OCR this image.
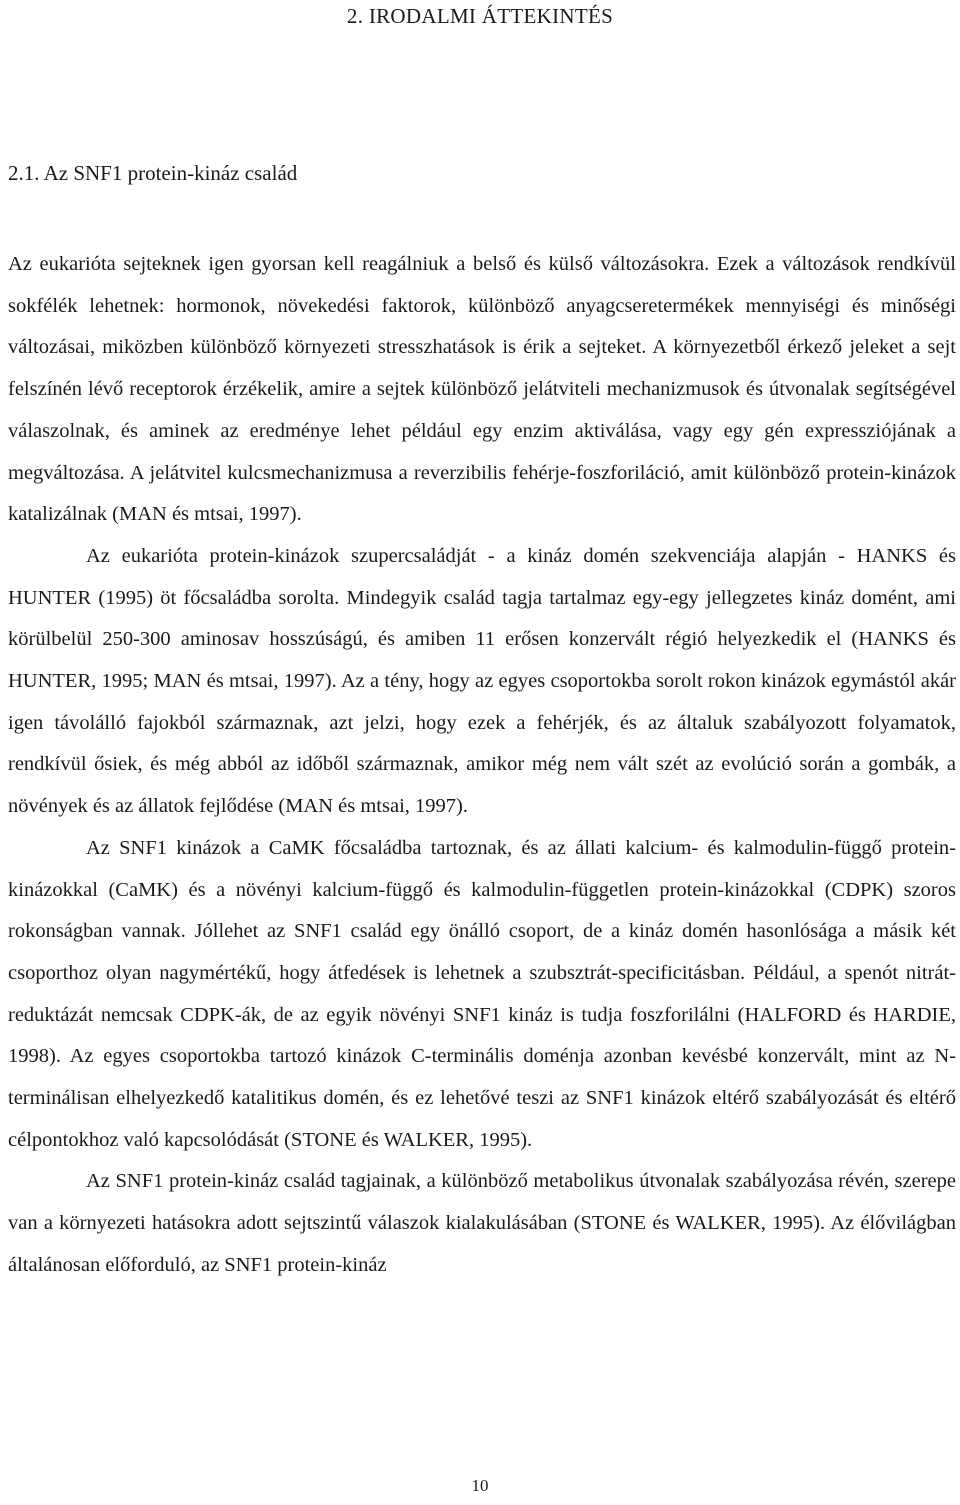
2. IRODALMI ÁTTEKINTÉS
2.1. Az SNF1 protein-kináz család

Az eukarióta sejteknek igen gyorsan kell reagálniuk a belső és külső változásokra. Ezek a változások rendkívül sokfélék lehetnek: hormonok, növekedési faktorok, különböző anyagcseretermékek mennyiségi és minőségi változásai, miközben különböző környezeti stresszhatások is érik a sejteket. A környezetből érkező jeleket a sejt felszínén lévő receptorok érzékelik, amire a sejtek különböző jelátviteli mechanizmusok és útvonalak segítségével válaszolnak, és aminek az eredménye lehet például egy enzim aktiválása, vagy egy gén expressziójának a megváltozása. A jelátvitel kulcsmechanizmusa a reverzibilis fehérje-foszforiláció, amit különböző protein-kinázok katalizálnak (MAN és mtsai, 1997).

Az eukarióta protein-kinázok szupercsaládját - a kináz domén szekvenciája alapján - HANKS és HUNTER (1995) öt főcsaládba sorolta. Mindegyik család tagja tartalmaz egy-egy jellegzetes kináz domént, ami körülbelül 250-300 aminosav hosszúságú, és amiben 11 erősen konzervált régió helyezkedik el (HANKS és HUNTER, 1995; MAN és mtsai, 1997). Az a tény, hogy az egyes csoportokba sorolt rokon kinázok egymástól akár igen távolálló fajokból származnak, azt jelzi, hogy ezek a fehérjék, és az általuk szabályozott folyamatok, rendkívül ősiek, és még abból az időből származnak, amikor még nem vált szét az evolúció során a gombák, a növények és az állatok fejlődése (MAN és mtsai, 1997).

Az SNF1 kinázok a CaMK főcsaládba tartoznak, és az állati kalcium- és kalmodulin-függő protein-kinázokkal (CaMK) és a növényi kalcium-függő és kalmodulin-független protein-kinázokkal (CDPK) szoros rokonságban vannak. Jóllehet az SNF1 család egy önálló csoport, de a kináz domén hasonlósága a másik két csoporthoz olyan nagymértékű, hogy átfedések is lehetnek a szubsztrát-specificitásban. Például, a spenót nitrát-reduktázát nemcsak CDPK-ák, de az egyik növényi SNF1 kináz is tudja foszforilálni (HALFORD és HARDIE, 1998). Az egyes csoportokba tartozó kinázok C-terminális doménja azonban kevésbé konzervált, mint az N-terminálisan elhelyezkedő katalitikus domén, és ez lehetővé teszi az SNF1 kinázok eltérő szabályozását és eltérő célpontokhoz való kapcsolódását (STONE és WALKER, 1995).

Az SNF1 protein-kináz család tagjainak, a különböző metabolikus útvonalak szabályozása révén, szerepe van a környezeti hatásokra adott sejtszintű válaszok kialakulásában (STONE és WALKER, 1995). Az élővilágban általánosan előforduló, az SNF1 protein-kináz

10
